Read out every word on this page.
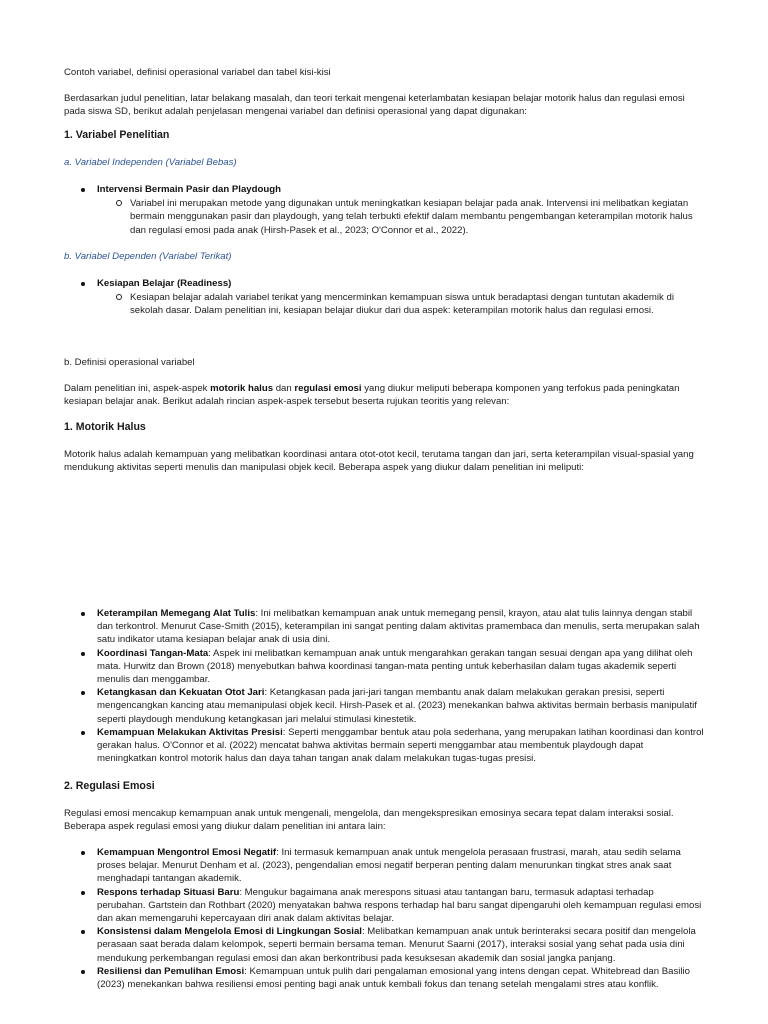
Contoh variabel, definisi operasional variabel dan tabel kisi-kisi

Berdasarkan judul penelitian, latar belakang masalah, dan teori terkait mengenai keterlambatan kesiapan belajar motorik halus dan regulasi emosi pada siswa SD, berikut adalah penjelasan mengenai variabel dan definisi operasional yang dapat digunakan:

1. Variabel Penelitian

a. Variabel Independen (Variabel Bebas)

Intervensi Bermain Pasir dan Playdough
Variabel ini merupakan metode yang digunakan untuk meningkatkan kesiapan belajar pada anak. Intervensi ini melibatkan kegiatan bermain menggunakan pasir dan playdough, yang telah terbukti efektif dalam membantu pengembangan keterampilan motorik halus dan regulasi emosi pada anak (Hirsh-Pasek et al., 2023; O'Connor et al., 2022).

b. Variabel Dependen (Variabel Terikat)

Kesiapan Belajar (Readiness)
Kesiapan belajar adalah variabel terikat yang mencerminkan kemampuan siswa untuk beradaptasi dengan tuntutan akademik di sekolah dasar. Dalam penelitian ini, kesiapan belajar diukur dari dua aspek: keterampilan motorik halus dan regulasi emosi.

b. Definisi operasional variabel

Dalam penelitian ini, aspek-aspek motorik halus dan regulasi emosi yang diukur meliputi beberapa komponen yang terfokus pada peningkatan kesiapan belajar anak. Berikut adalah rincian aspek-aspek tersebut beserta rujukan teoritis yang relevan:

1. Motorik Halus

Motorik halus adalah kemampuan yang melibatkan koordinasi antara otot-otot kecil, terutama tangan dan jari, serta keterampilan visual-spasial yang mendukung aktivitas seperti menulis dan manipulasi objek kecil. Beberapa aspek yang diukur dalam penelitian ini meliputi:

Keterampilan Memegang Alat Tulis: Ini melibatkan kemampuan anak untuk memegang pensil, krayon, atau alat tulis lainnya dengan stabil dan terkontrol. Menurut Case-Smith (2015), keterampilan ini sangat penting dalam aktivitas pramembaca dan menulis, serta merupakan salah satu indikator utama kesiapan belajar anak di usia dini.
Koordinasi Tangan-Mata: Aspek ini melibatkan kemampuan anak untuk mengarahkan gerakan tangan sesuai dengan apa yang dilihat oleh mata. Hurwitz dan Brown (2018) menyebutkan bahwa koordinasi tangan-mata penting untuk keberhasilan dalam tugas akademik seperti menulis dan menggambar.
Ketangkasan dan Kekuatan Otot Jari: Ketangkasan pada jari-jari tangan membantu anak dalam melakukan gerakan presisi, seperti mengencangkan kancing atau memanipulasi objek kecil. Hirsh-Pasek et al. (2023) menekankan bahwa aktivitas bermain berbasis manipulatif seperti playdough mendukung ketangkasan jari melalui stimulasi kinestetik.
Kemampuan Melakukan Aktivitas Presisi: Seperti menggambar bentuk atau pola sederhana, yang merupakan latihan koordinasi dan kontrol gerakan halus. O'Connor et al. (2022) mencatat bahwa aktivitas bermain seperti menggambar atau membentuk playdough dapat meningkatkan kontrol motorik halus dan daya tahan tangan anak dalam melakukan tugas-tugas presisi.

2. Regulasi Emosi

Regulasi emosi mencakup kemampuan anak untuk mengenali, mengelola, dan mengekspresikan emosinya secara tepat dalam interaksi sosial. Beberapa aspek regulasi emosi yang diukur dalam penelitian ini antara lain:

Kemampuan Mengontrol Emosi Negatif: Ini termasuk kemampuan anak untuk mengelola perasaan frustrasi, marah, atau sedih selama proses belajar. Menurut Denham et al. (2023), pengendalian emosi negatif berperan penting dalam menurunkan tingkat stres anak saat menghadapi tantangan akademik.
Respons terhadap Situasi Baru: Mengukur bagaimana anak merespons situasi atau tantangan baru, termasuk adaptasi terhadap perubahan. Gartstein dan Rothbart (2020) menyatakan bahwa respons terhadap hal baru sangat dipengaruhi oleh kemampuan regulasi emosi dan akan memengaruhi kepercayaan diri anak dalam aktivitas belajar.
Konsistensi dalam Mengelola Emosi di Lingkungan Sosial: Melibatkan kemampuan anak untuk berinteraksi secara positif dan mengelola perasaan saat berada dalam kelompok, seperti bermain bersama teman. Menurut Saarni (2017), interaksi sosial yang sehat pada usia dini mendukung perkembangan regulasi emosi dan akan berkontribusi pada kesuksesan akademik dan sosial jangka panjang.
Resiliensi dan Pemulihan Emosi: Kemampuan untuk pulih dari pengalaman emosional yang intens dengan cepat. Whitebread dan Basilio (2023) menekankan bahwa resiliensi emosi penting bagi anak untuk kembali fokus dan tenang setelah mengalami stres atau konflik.
